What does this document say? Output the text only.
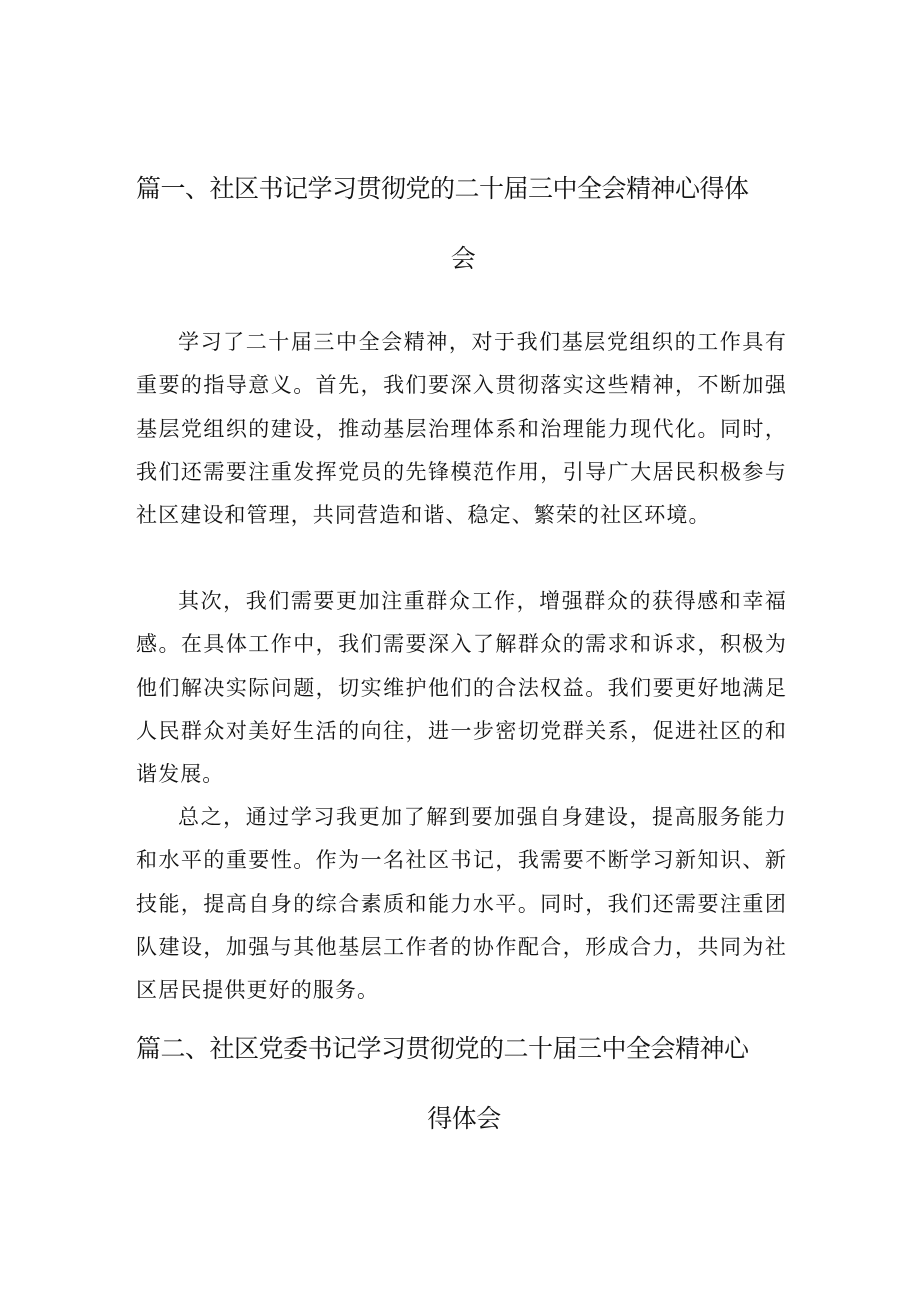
篇一、社区书记学习贯彻党的二十届三中全会精神心得体
会

学习了二十届三中全会精神，对于我们基层党组织的工作具有重要的指导意义。首先，我们要深入贯彻落实这些精神，不断加强基层党组织的建设，推动基层治理体系和治理能力现代化。同时，我们还需要注重发挥党员的先锋模范作用，引导广大居民积极参与社区建设和管理，共同营造和谐、稳定、繁荣的社区环境。

其次，我们需要更加注重群众工作，增强群众的获得感和幸福感。在具体工作中，我们需要深入了解群众的需求和诉求，积极为他们解决实际问题，切实维护他们的合法权益。我们要更好地满足人民群众对美好生活的向往，进一步密切党群关系，促进社区的和谐发展。

总之，通过学习我更加了解到要加强自身建设，提高服务能力和水平的重要性。作为一名社区书记，我需要不断学习新知识、新技能，提高自身的综合素质和能力水平。同时，我们还需要注重团队建设，加强与其他基层工作者的协作配合，形成合力，共同为社区居民提供更好的服务。

篇二、社区党委书记学习贯彻党的二十届三中全会精神心
得体会
